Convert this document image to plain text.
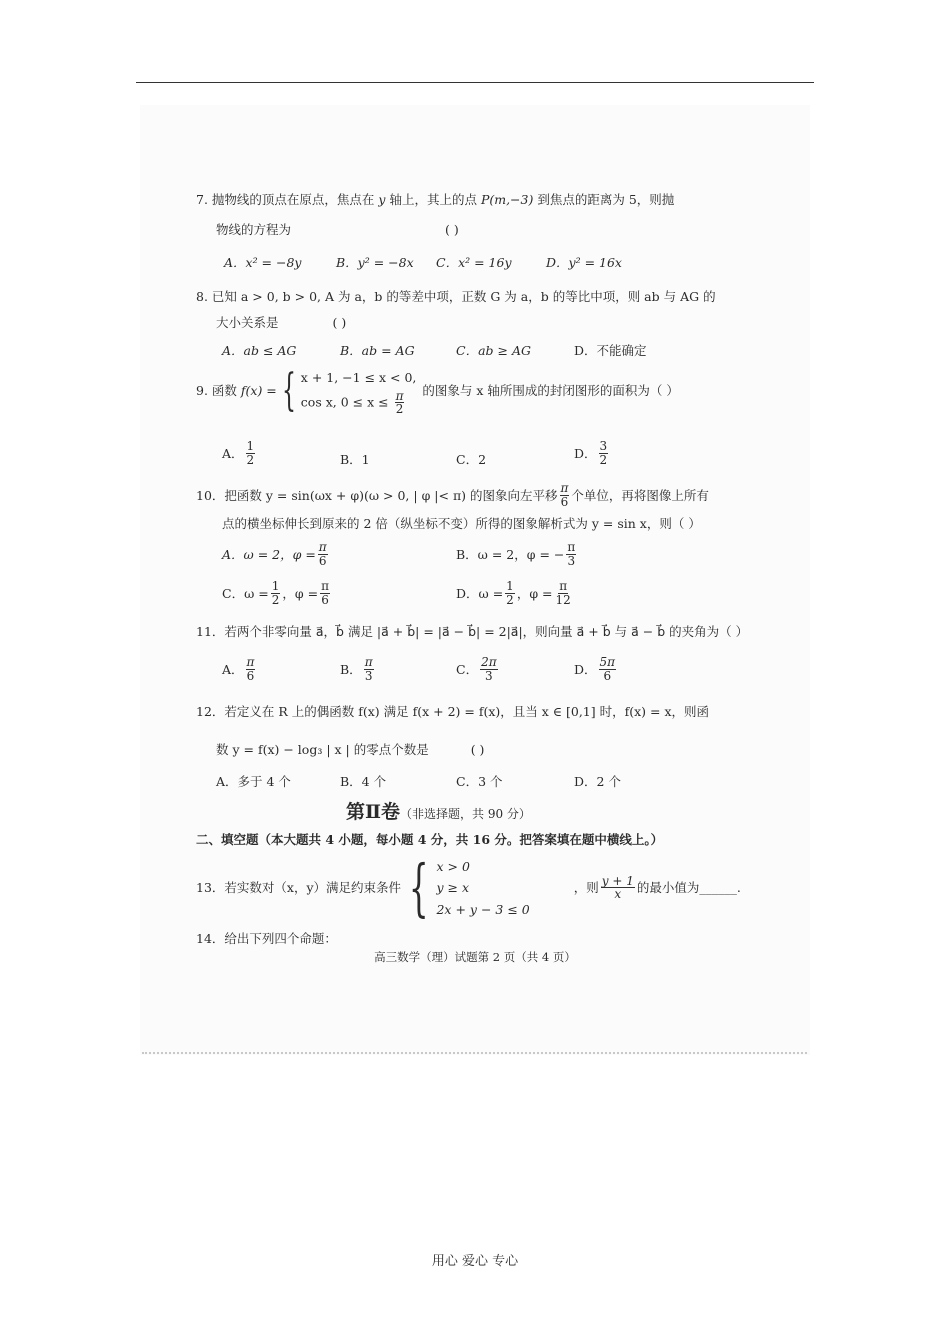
7. 抛物线的顶点在原点，焦点在 y 轴上，其上的点 P(m,−3) 到焦点的距离为 5，则抛
物线的方程为	( )
A．x² = −8y	B．y² = −8x C．x² = 16y	D．y² = 16x
8. 已知 a > 0, b > 0, A 为 a，b 的等差中项，正数 G 为 a，b 的等比中项，则 ab 与 AG 的
大小关系是	( )
A．ab ≤ AG	B．ab = AG	C．ab ≥ AG	D．不能确定
9. 函数 f(x) = { x + 1, −1 ≤ x < 0,
cos x, $0 \le x \le \frac{\pi}{2}$ 的图象与 x 轴所围成的封闭图形的面积为（ ）
A． $\frac{1}{2}$	B．1	C．2	D． $\frac{3}{2}$
10．把函数 y = sin(ωx + φ)(ω > 0, | φ |< π) 的图象向左平移 $\frac{\pi}{6}$ 个单位，再将图像上所有
点的横坐标伸长到原来的 2 倍（纵坐标不变）所得的图象解析式为 y = sin x，则（ ）
A．ω = 2，$\varphi = \frac{\pi}{6}$	B．ω = 2，φ = − $\frac{\pi}{3}$
C．$\omega = \frac{1}{2}$ ，$\varphi = \frac{\pi}{6}$	D．$\omega = \frac{1}{2}$ ，$\varphi = \frac{\pi}{12}$
11．若两个非零向量 a⃗，b⃗ 满足 |a⃗ + b⃗| = |a⃗ − b⃗| = 2|a⃗|，则向量 a⃗ + b⃗ 与 a⃗ − b⃗ 的夹角为（ ）
A． $\frac{\pi}{6}$	B． $\frac{\pi}{3}$	C． $\frac{2\pi}{3}$	D． $\frac{5\pi}{6}$
12．若定义在 R 上的偶函数 f(x) 满足 f(x + 2) = f(x)，且当 x ∈ [0,1] 时，f(x) = x，则函
数 y = f(x) − log₃ | x | 的零点个数是	( )
A．多于 4 个	B．4 个	C．3 个	D．2 个
第Ⅱ卷（非选择题，共 90 分）
二、填空题（本大题共 4 小题，每小题 4 分，共 16 分。把答案填在题中横线上。）
13．若实数对（x，y）满足约束条件 { x > 0
y ≥ x
2x + y − 3 ≤ 0
，则 $\frac{y + 1}{x}$ 的最小值为______.
14．给出下列四个命题：
高三数学（理）试题第 2 页（共 4 页）
用心 爱心 专心
